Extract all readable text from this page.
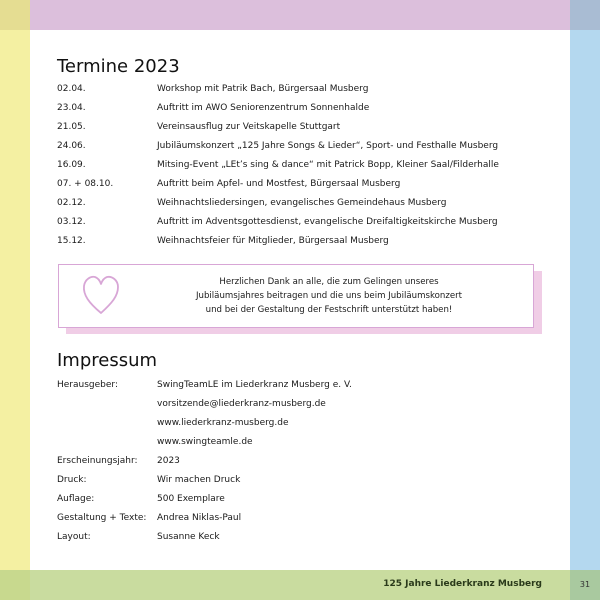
Termine 2023
02.04.	Workshop mit Patrik Bach, Bürgersaal Musberg
23.04.	Auftritt im AWO Seniorenzentrum Sonnenhalde
21.05.	Vereinsausflug zur Veitskapelle Stuttgart
24.06.	Jubiläumskonzert „125 Jahre Songs & Lieder“, Sport- und Festhalle Musberg
16.09.	Mitsing-Event „LEt’s sing & dance“ mit Patrick Bopp, Kleiner Saal/Filderhalle
07. + 08.10.	Auftritt beim Apfel- und Mostfest, Bürgersaal Musberg
02.12.	Weihnachtsliedersingen, evangelisches Gemeindehaus Musberg
03.12.	Auftritt im Adventsgottesdienst, evangelische Dreifaltigkeitskirche Musberg
15.12.	Weihnachtsfeier für Mitglieder, Bürgersaal Musberg
Herzlichen Dank an alle, die zum Gelingen unseres
Jubiläumsjahres beitragen und die uns beim Jubiläumskonzert
und bei der Gestaltung der Festschrift unterstützt haben!
Impressum
Herausgeber:	SwingTeamLE im Liederkranz Musberg e. V.
vorsitzende@liederkranz-musberg.de
www.liederkranz-musberg.de
www.swingteamle.de
Erscheinungsjahr:	2023
Druck:	Wir machen Druck
Auflage:	500 Exemplare
Gestaltung + Texte:	Andrea Niklas-Paul
Layout:	Susanne Keck
125 Jahre Liederkranz Musberg	31
